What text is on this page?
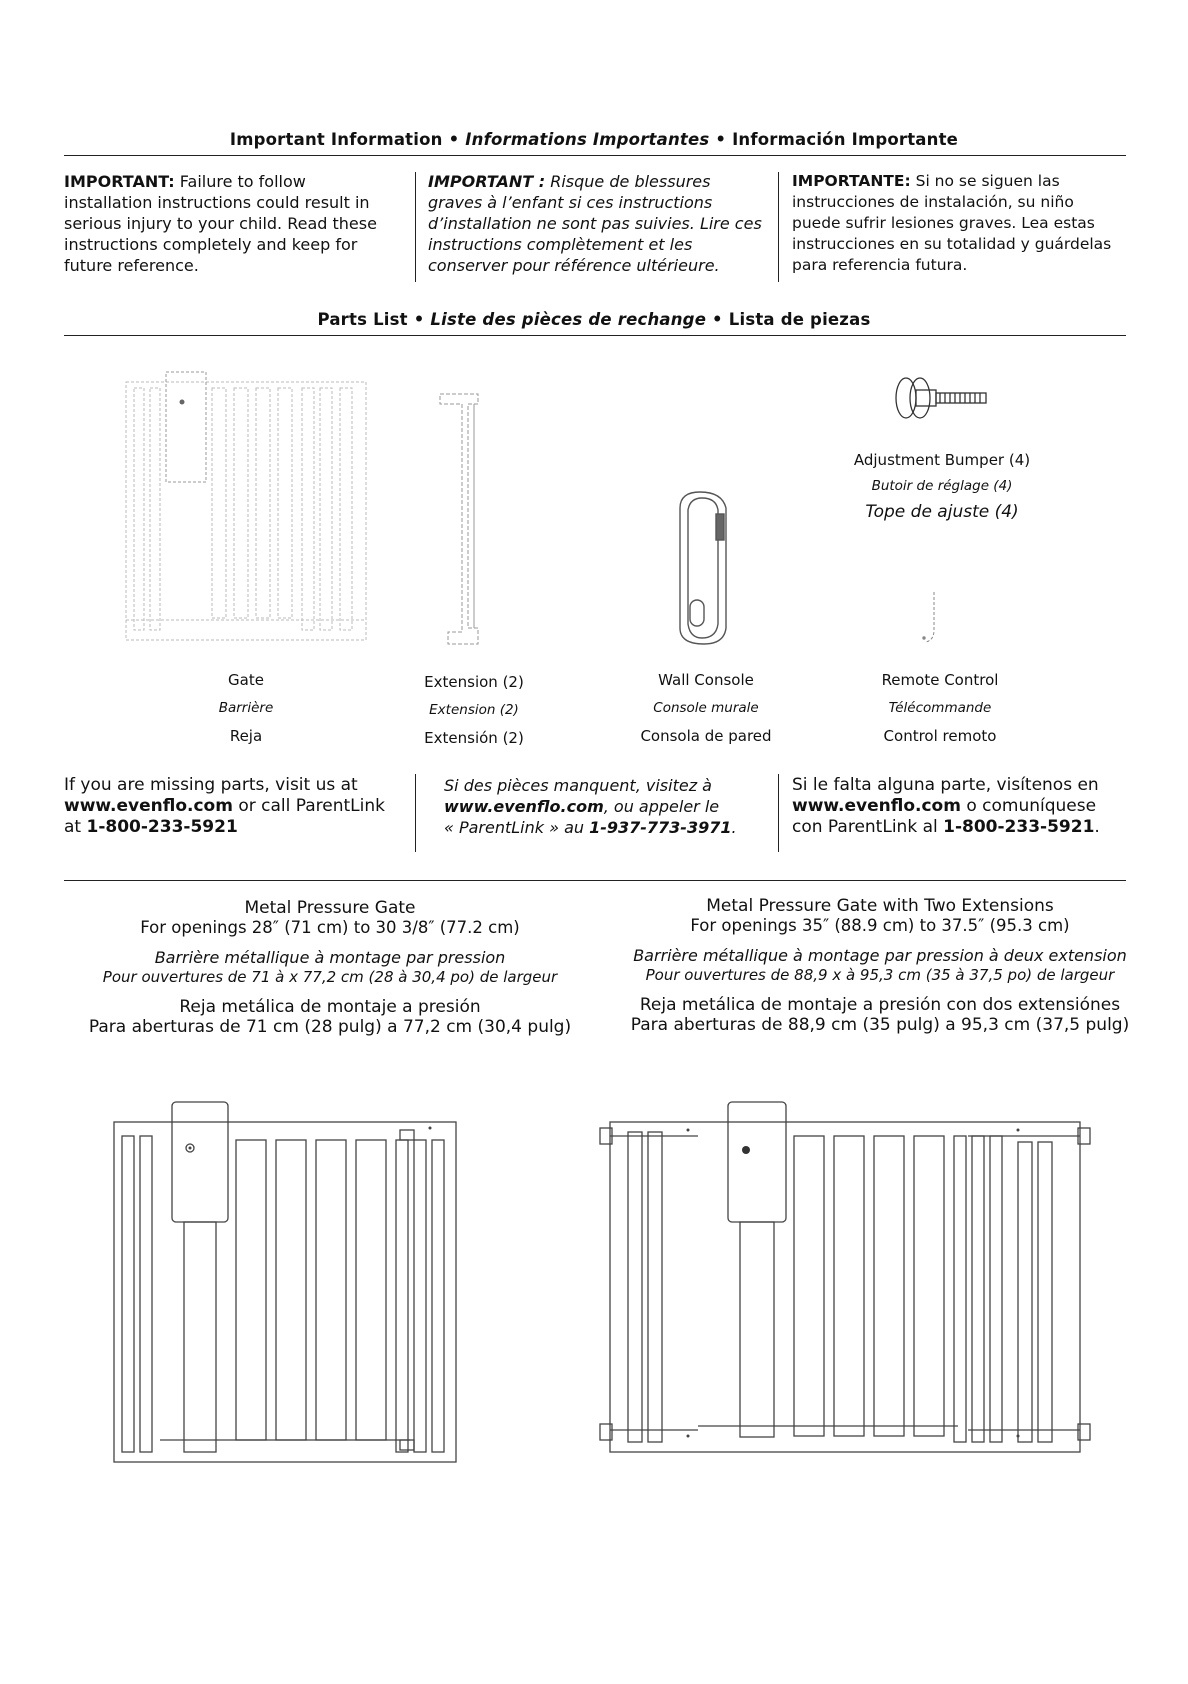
Important Information • Informations Importantes • Información Importante
IMPORTANT: Failure to follow installation instructions could result in serious injury to your child. Read these instructions completely and keep for future reference.
IMPORTANT : Risque de blessures graves à l’enfant si ces instructions d’installation ne sont pas suivies. Lire ces instructions complètement et les conserver pour référence ultérieure.
IMPORTANTE: Si no se siguen las instrucciones de instalación, su niño puede sufrir lesiones graves. Lea estas instrucciones en su totalidad y guárdelas para referencia futura.
Parts List • Liste des pièces de rechange • Lista de piezas
Gate
Barrière
Reja
Extension (2)
Extension (2)
Extensión (2)
Wall Console
Console murale
Consola de pared
Remote Control
Télécommande
Control remoto
Adjustment Bumper (4)
Butoir de réglage (4)
Tope de ajuste (4)
If you are missing parts, visit us at
www.evenflo.com or call ParentLink
at 1-800-233-5921
Si des pièces manquent, visitez à
www.evenflo.com, ou appeler le
« ParentLink » au 1-937-773-3971.
Si le falta alguna parte, visítenos en
www.evenflo.com o comuníquese
con ParentLink al 1-800-233-5921.
Metal Pressure Gate
For openings 28″ (71 cm) to 30 3/8″ (77.2 cm)
Barrière métallique à montage par pression
Pour ouvertures de 71 à x 77,2 cm (28 à 30,4 po) de largeur
Reja metálica de montaje a presión
Para aberturas de 71 cm (28 pulg) a 77,2 cm (30,4 pulg)
Metal Pressure Gate with Two Extensions
For openings 35″ (88.9 cm) to 37.5″ (95.3 cm)
Barrière métallique à montage par pression à deux extension
Pour ouvertures de 88,9 x à 95,3 cm (35 à 37,5 po) de largeur
Reja metálica de montaje a presión con dos extensiónes
Para aberturas de 88,9 cm (35 pulg) a 95,3 cm (37,5 pulg)
